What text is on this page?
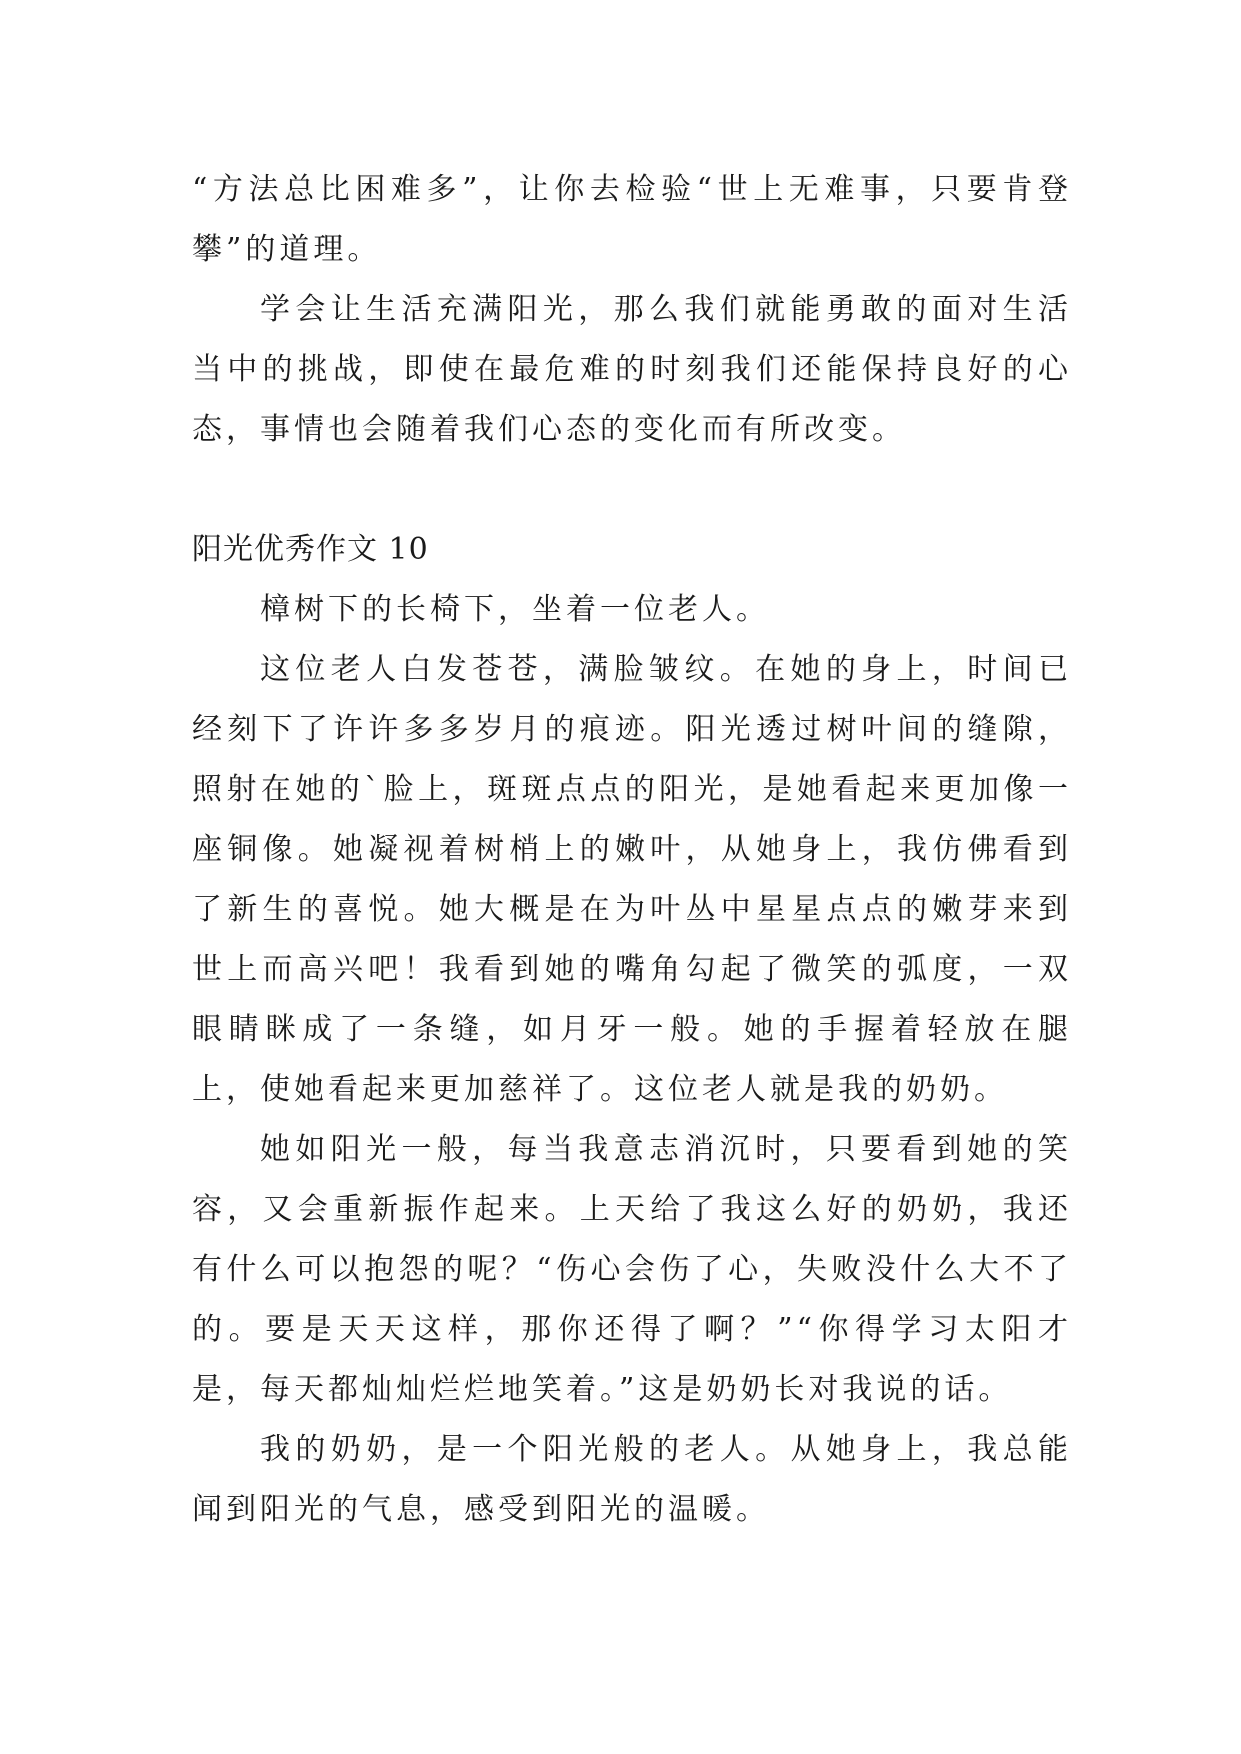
“方法总比困难多”，让你去检验“世上无难事，只要肯登攀”的道理。

学会让生活充满阳光，那么我们就能勇敢的面对生活当中的挑战，即使在最危难的时刻我们还能保持良好的心态，事情也会随着我们心态的变化而有所改变。

阳光优秀作文 10

樟树下的长椅下，坐着一位老人。

这位老人白发苍苍，满脸皱纹。在她的身上，时间已经刻下了许许多多岁月的痕迹。阳光透过树叶间的缝隙，照射在她的`脸上，斑斑点点的阳光，是她看起来更加像一座铜像。她凝视着树梢上的嫩叶，从她身上，我仿佛看到了新生的喜悦。她大概是在为叶丛中星星点点的嫩芽来到世上而高兴吧！我看到她的嘴角勾起了微笑的弧度，一双眼睛眯成了一条缝，如月牙一般。她的手握着轻放在腿上，使她看起来更加慈祥了。这位老人就是我的奶奶。

她如阳光一般，每当我意志消沉时，只要看到她的笑容，又会重新振作起来。上天给了我这么好的奶奶，我还有什么可以抱怨的呢？“伤心会伤了心，失败没什么大不了的。要是天天这样，那你还得了啊？”“你得学习太阳才是，每天都灿灿烂烂地笑着。”这是奶奶长对我说的话。

我的奶奶，是一个阳光般的老人。从她身上，我总能闻到阳光的气息，感受到阳光的温暖。
